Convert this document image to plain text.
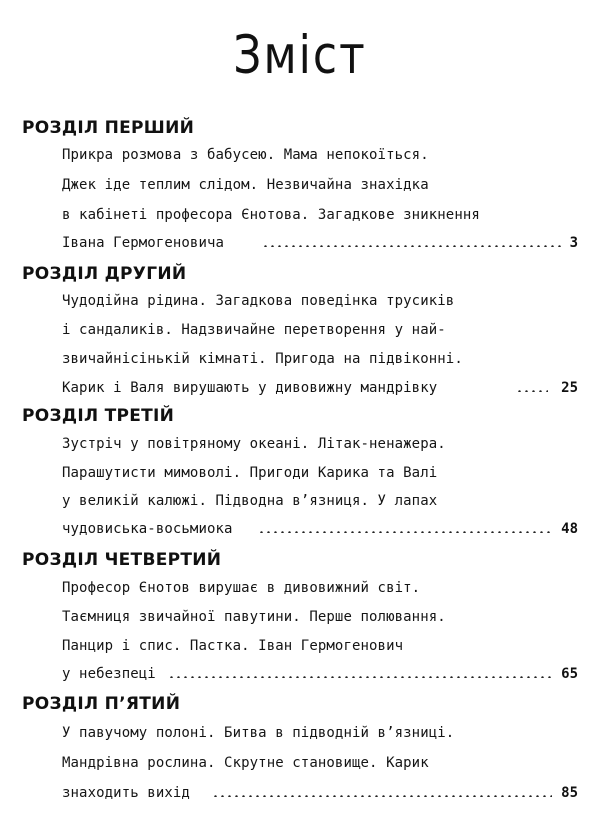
Зміст
РОЗДІЛ ПЕРШИЙ
Прикра розмова з бабусею. Мама непокоїться.
Джек іде теплим слідом. Незвичайна знахідка
в кабінеті професора Єнотова. Загадкове зникнення
Івана Гермогеновича	3
РОЗДІЛ ДРУГИЙ
Чудодійна рідина. Загадкова поведінка трусиків
і сандаликів. Надзвичайне перетворення у най-
звичайнісінькій кімнаті. Пригода на підвіконні.
Карик і Валя вирушають у дивовижну мандрівку	25
РОЗДІЛ ТРЕТІЙ
Зустріч у повітряному океані. Літак-ненажера.
Парашутисти мимоволі. Пригоди Карика та Валі
у великій калюжі. Підводна в’язниця. У лапах
чудовиська-восьмиока	48
РОЗДІЛ ЧЕТВЕРТИЙ
Професор Єнотов вирушає в дивовижний світ.
Таємниця звичайної павутини. Перше полювання.
Панцир і спис. Пастка. Іван Гермогенович
у небезпеці	65
РОЗДІЛ П’ЯТИЙ
У павучому полоні. Битва в підводній в’язниці.
Мандрівна рослина. Скрутне становище. Карик
знаходить вихід	85
